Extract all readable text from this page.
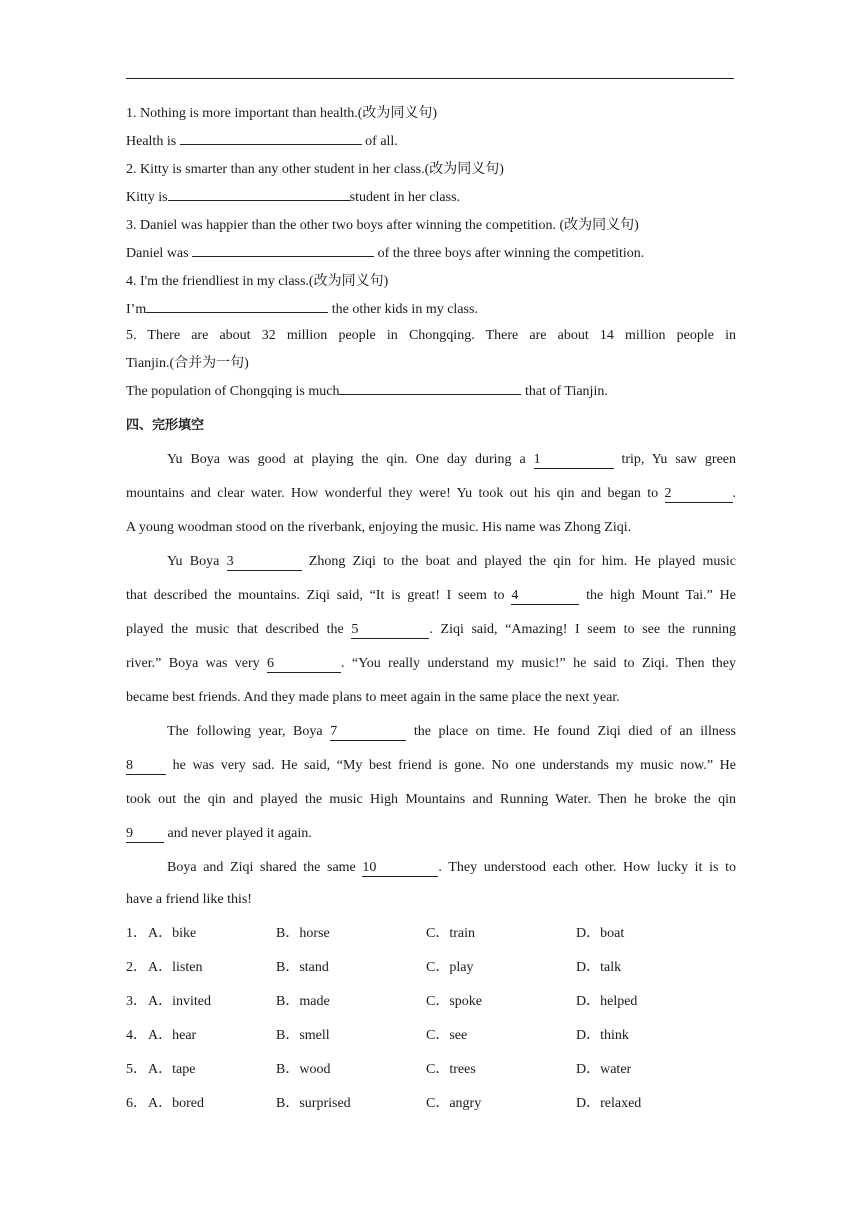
1. Nothing is more important than health.(改为同义句)
Health is	of all.
2. Kitty is smarter than any other student in her class.(改为同义句)
Kitty is	student in her class.
3. Daniel was happier than the other two boys after winning the competition. (改为同义句)
Daniel was	of the three boys after winning the competition.
4. I'm the friendliest in my class.(改为同义句)
I’m	the other kids in my class.
5. There are about 32 million people in Chongqing. There are about 14 million people in
Tianjin.(合并为一句)
The population of Chongqing is much	that of Tianjin.
四、完形填空
Yu Boya was good at playing the qin. One day during a 1	trip, Yu saw green
mountains and clear water. How wonderful they were! Yu took out his qin and began to 2	.
A young woodman stood on the riverbank, enjoying the music. His name was Zhong Ziqi.
Yu Boya 3	Zhong Ziqi to the boat and played the qin for him. He played music
that described the mountains. Ziqi said, “It is great! I seem to 4	the high Mount Tai.” He
played the music that described the 5	. Ziqi said, “Amazing! I seem to see the running
river.” Boya was very 6	. “You really understand my music!” he said to Ziqi. Then they
became best friends. And they made plans to meet again in the same place the next year.
The following year, Boya 7	the place on time. He found Ziqi died of an illness
8 he was very sad. He said, “My best friend is gone. No one understands my music now.” He
took out the qin and played the music High Mountains and Running Water. Then he broke the qin
9 and never played it again.
Boya and Ziqi shared the same 10	. They understood each other. How lucky it is to
have a friend like this!
1． A．bike	B．horse	C．train	D．boat
2． A．listen	B．stand	C．play	D．talk
3． A．invited	B．made	C．spoke	D．helped
4． A．hear	B．smell	C．see	D．think
5． A．tape	B．wood	C．trees	D．water
6． A．bored	B．surprised	C．angry	D．relaxed
